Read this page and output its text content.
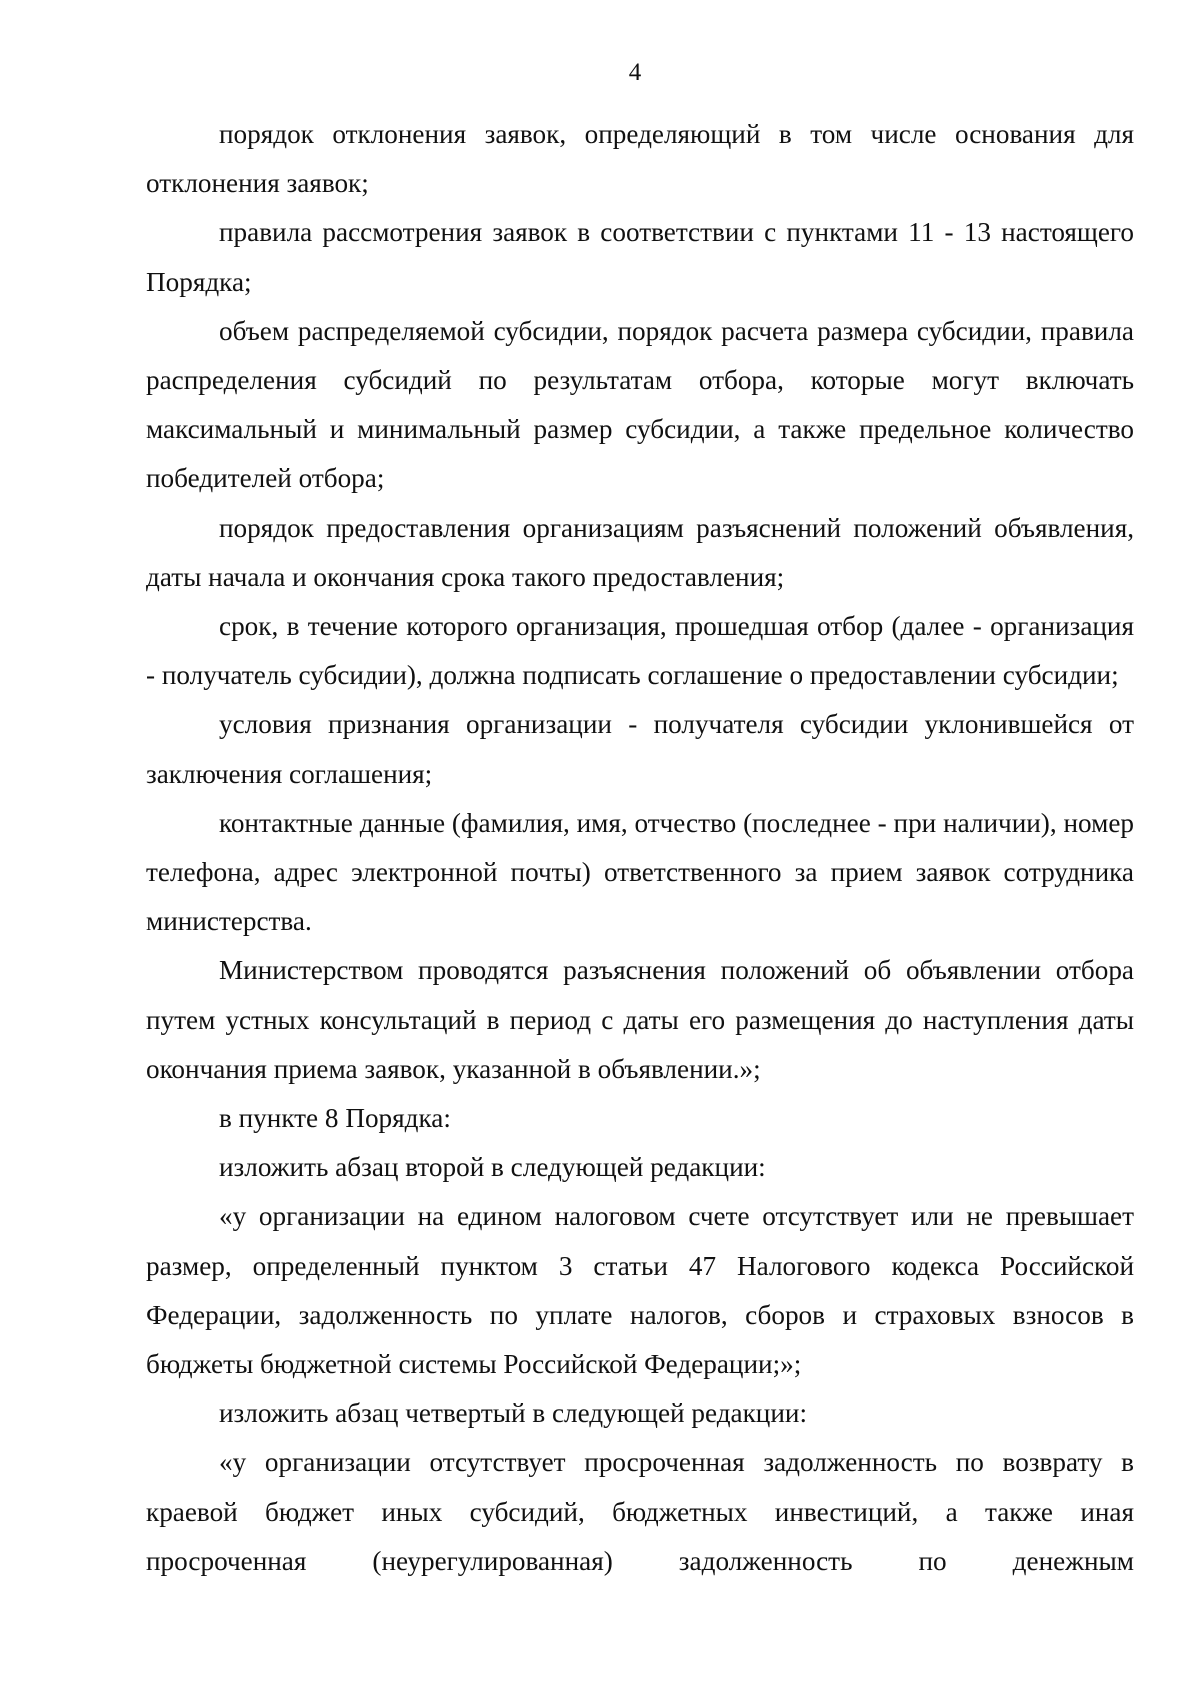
4

порядок отклонения заявок, определяющий в том числе основания для отклонения заявок;

правила рассмотрения заявок в соответствии с пунктами 11 - 13 настоящего Порядка;

объем распределяемой субсидии, порядок расчета размера субсидии, правила распределения субсидий по результатам отбора, которые могут включать максимальный и минимальный размер субсидии, а также предельное количество победителей отбора;

порядок предоставления организациям разъяснений положений объявления, даты начала и окончания срока такого предоставления;

срок, в течение которого организация, прошедшая отбор (далее - организация - получатель субсидии), должна подписать соглашение о предоставлении субсидии;

условия признания организации - получателя субсидии уклонившейся от заключения соглашения;

контактные данные (фамилия, имя, отчество (последнее - при наличии), номер телефона, адрес электронной почты) ответственного за прием заявок сотрудника министерства.

Министерством проводятся разъяснения положений об объявлении отбора путем устных консультаций в период с даты его размещения до наступления даты окончания приема заявок, указанной в объявлении.»;

в пункте 8 Порядка:

изложить абзац второй в следующей редакции:

«у организации на едином налоговом счете отсутствует или не превышает размер, определенный пунктом 3 статьи 47 Налогового кодекса Российской Федерации, задолженность по уплате налогов, сборов и страховых взносов в бюджеты бюджетной системы Российской Федерации;»;

изложить абзац четвертый в следующей редакции:

«у организации отсутствует просроченная задолженность по возврату в краевой бюджет иных субсидий, бюджетных инвестиций, а также иная просроченная (неурегулированная) задолженность по денежным
